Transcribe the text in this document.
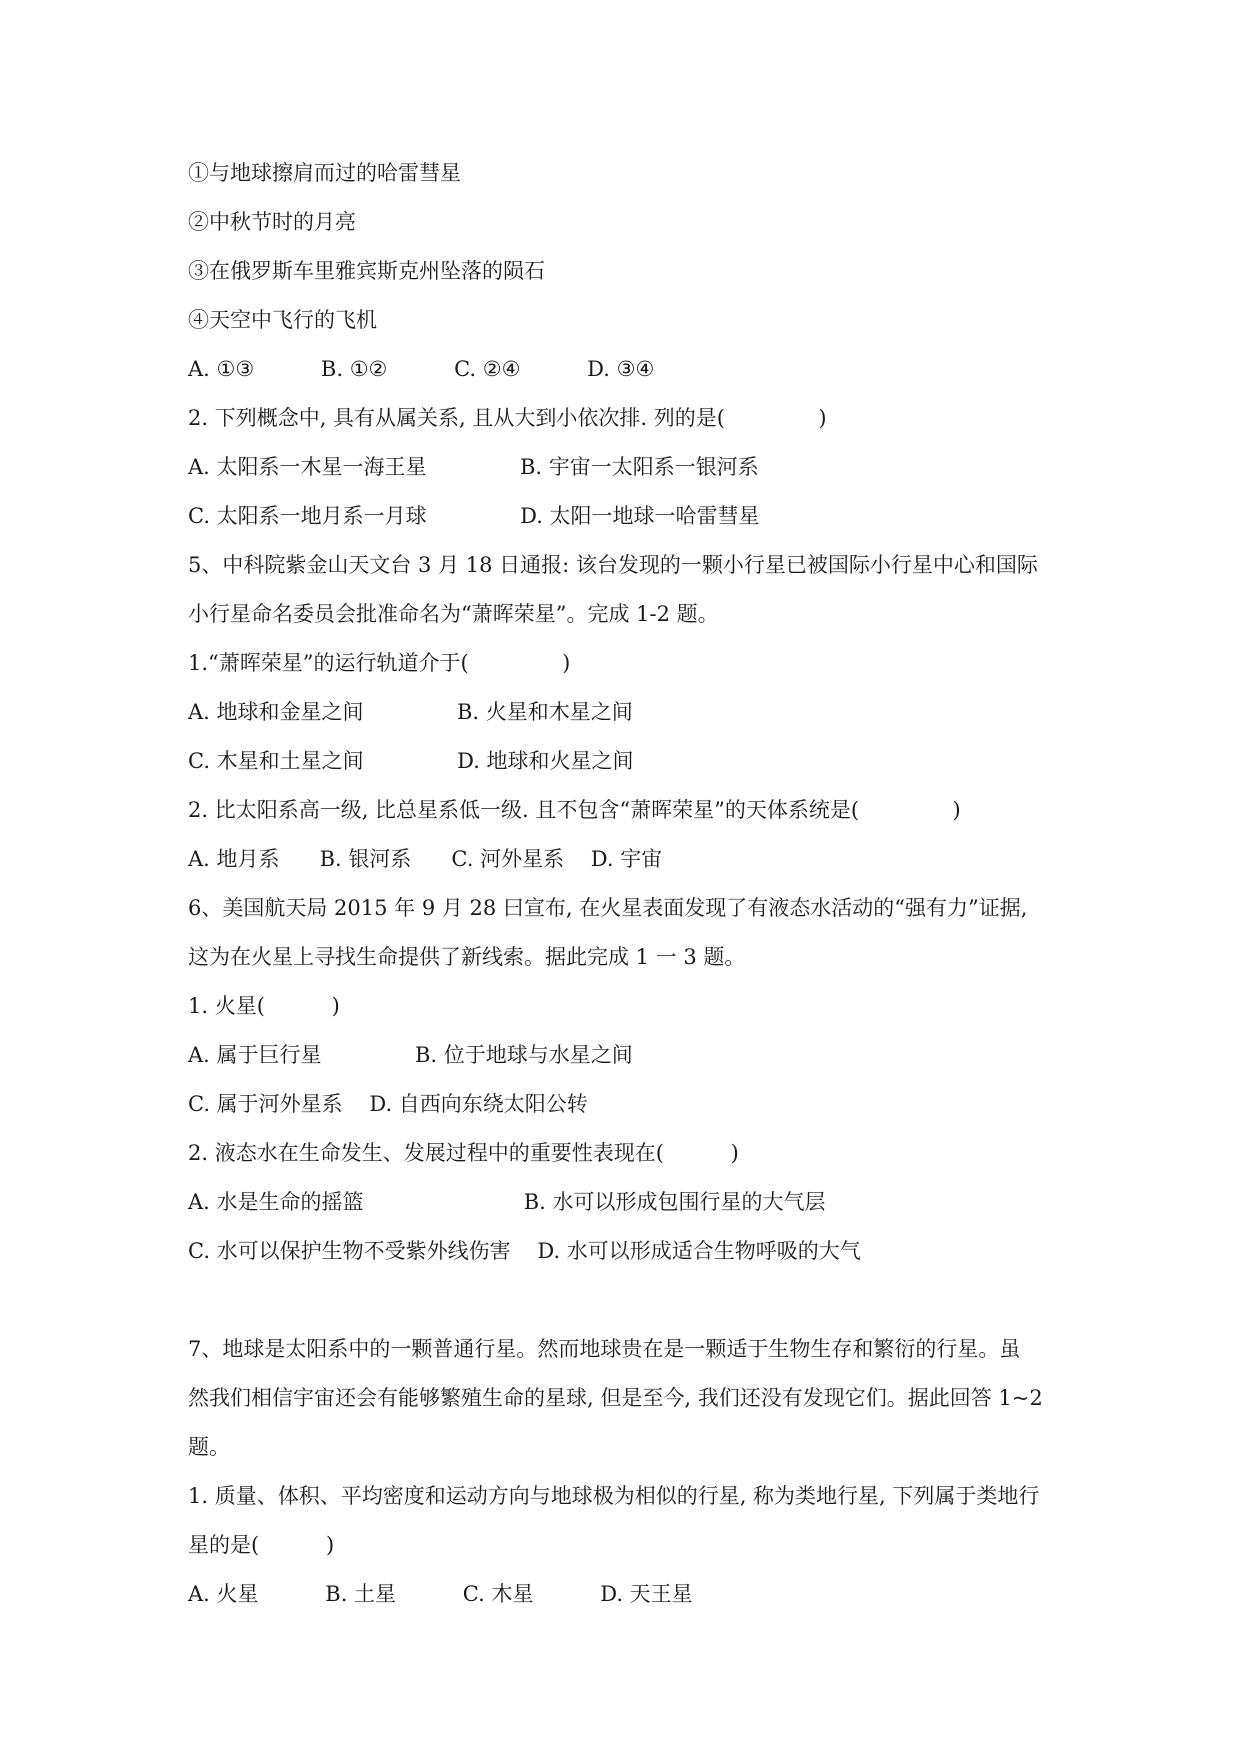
①与地球擦肩而过的哈雷彗星
②中秋节时的月亮
③在俄罗斯车里雅宾斯克州坠落的陨石
④天空中飞行的飞机
A. ①③          B. ①②          C. ②④          D. ③④
2. 下列概念中, 具有从属关系, 且从大到小依次排. 列的是(              )
A. 太阳系一木星一海王星              B. 宇宙一太阳系一银河系
C. 太阳系一地月系一月球              D. 太阳一地球一哈雷彗星
5、中科院紫金山天文台 3 月 18 日通报: 该台发现的一颗小行星已被国际小行星中心和国际
小行星命名委员会批准命名为“萧晖荣星”。完成 1-2 题。
1.“萧晖荣星”的运行轨道介于(              )
A. 地球和金星之间              B. 火星和木星之间
C. 木星和土星之间              D. 地球和火星之间
2. 比太阳系高一级, 比总星系低一级. 且不包含“萧晖荣星”的天体系统是(              )
A. 地月系      B. 银河系      C. 河外星系    D. 宇宙
6、美国航天局 2015 年 9 月 28 曰宣布, 在火星表面发现了有液态水活动的“强有力”证据,
这为在火星上寻找生命提供了新线索。据此完成 1 一 3 题。
1. 火星(          )
A. 属于巨行星              B. 位于地球与水星之间
C. 属于河外星系    D. 自西向东绕太阳公转
2. 液态水在生命发生、发展过程中的重要性表现在(          )
A. 水是生命的摇篮                        B. 水可以形成包围行星的大气层
C. 水可以保护生物不受紫外线伤害    D. 水可以形成适合生物呼吸的大气
7、地球是太阳系中的一颗普通行星。然而地球贵在是一颗适于生物生存和繁衍的行星。虽
然我们相信宇宙还会有能够繁殖生命的星球, 但是至今, 我们还没有发现它们。据此回答 1~2
题。
1. 质量、体积、平均密度和运动方向与地球极为相似的行星, 称为类地行星, 下列属于类地行
星的是(          )
A. 火星          B. 土星          C. 木星          D. 天王星
